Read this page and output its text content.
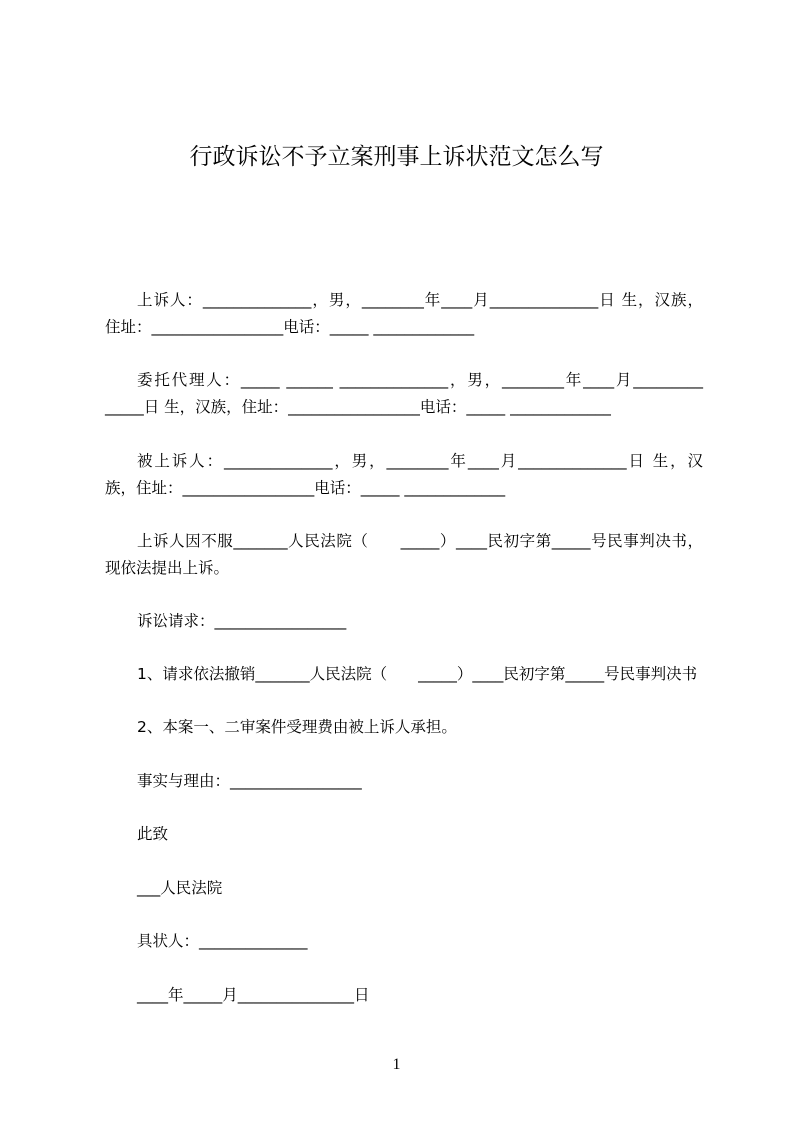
行政诉讼不予立案刑事上诉状范文怎么写
上诉人：______________，男，________年____月______________日 生，汉族，
住址：_________________电话：_____ _____________
委托代理人：_____ ______ ______________，男，________年____月_________
_____日 生，汉族，住址：_________________电话：_____ _____________
被上诉人：______________，男，________年____月______________日 生，汉
族，住址：_________________电话：_____ _____________
上诉人因不服_______人民法院（　　_____）____民初字第_____号民事判决书，
现依法提出上诉。
诉讼请求：_________________
1、请求依法撤销_______人民法院（　　_____）____民初字第_____号民事判决书
2、本案一、二审案件受理费由被上诉人承担。
事实与理由：_________________
此致
___人民法院
具状人：______________
____年_____月_______________日
1
